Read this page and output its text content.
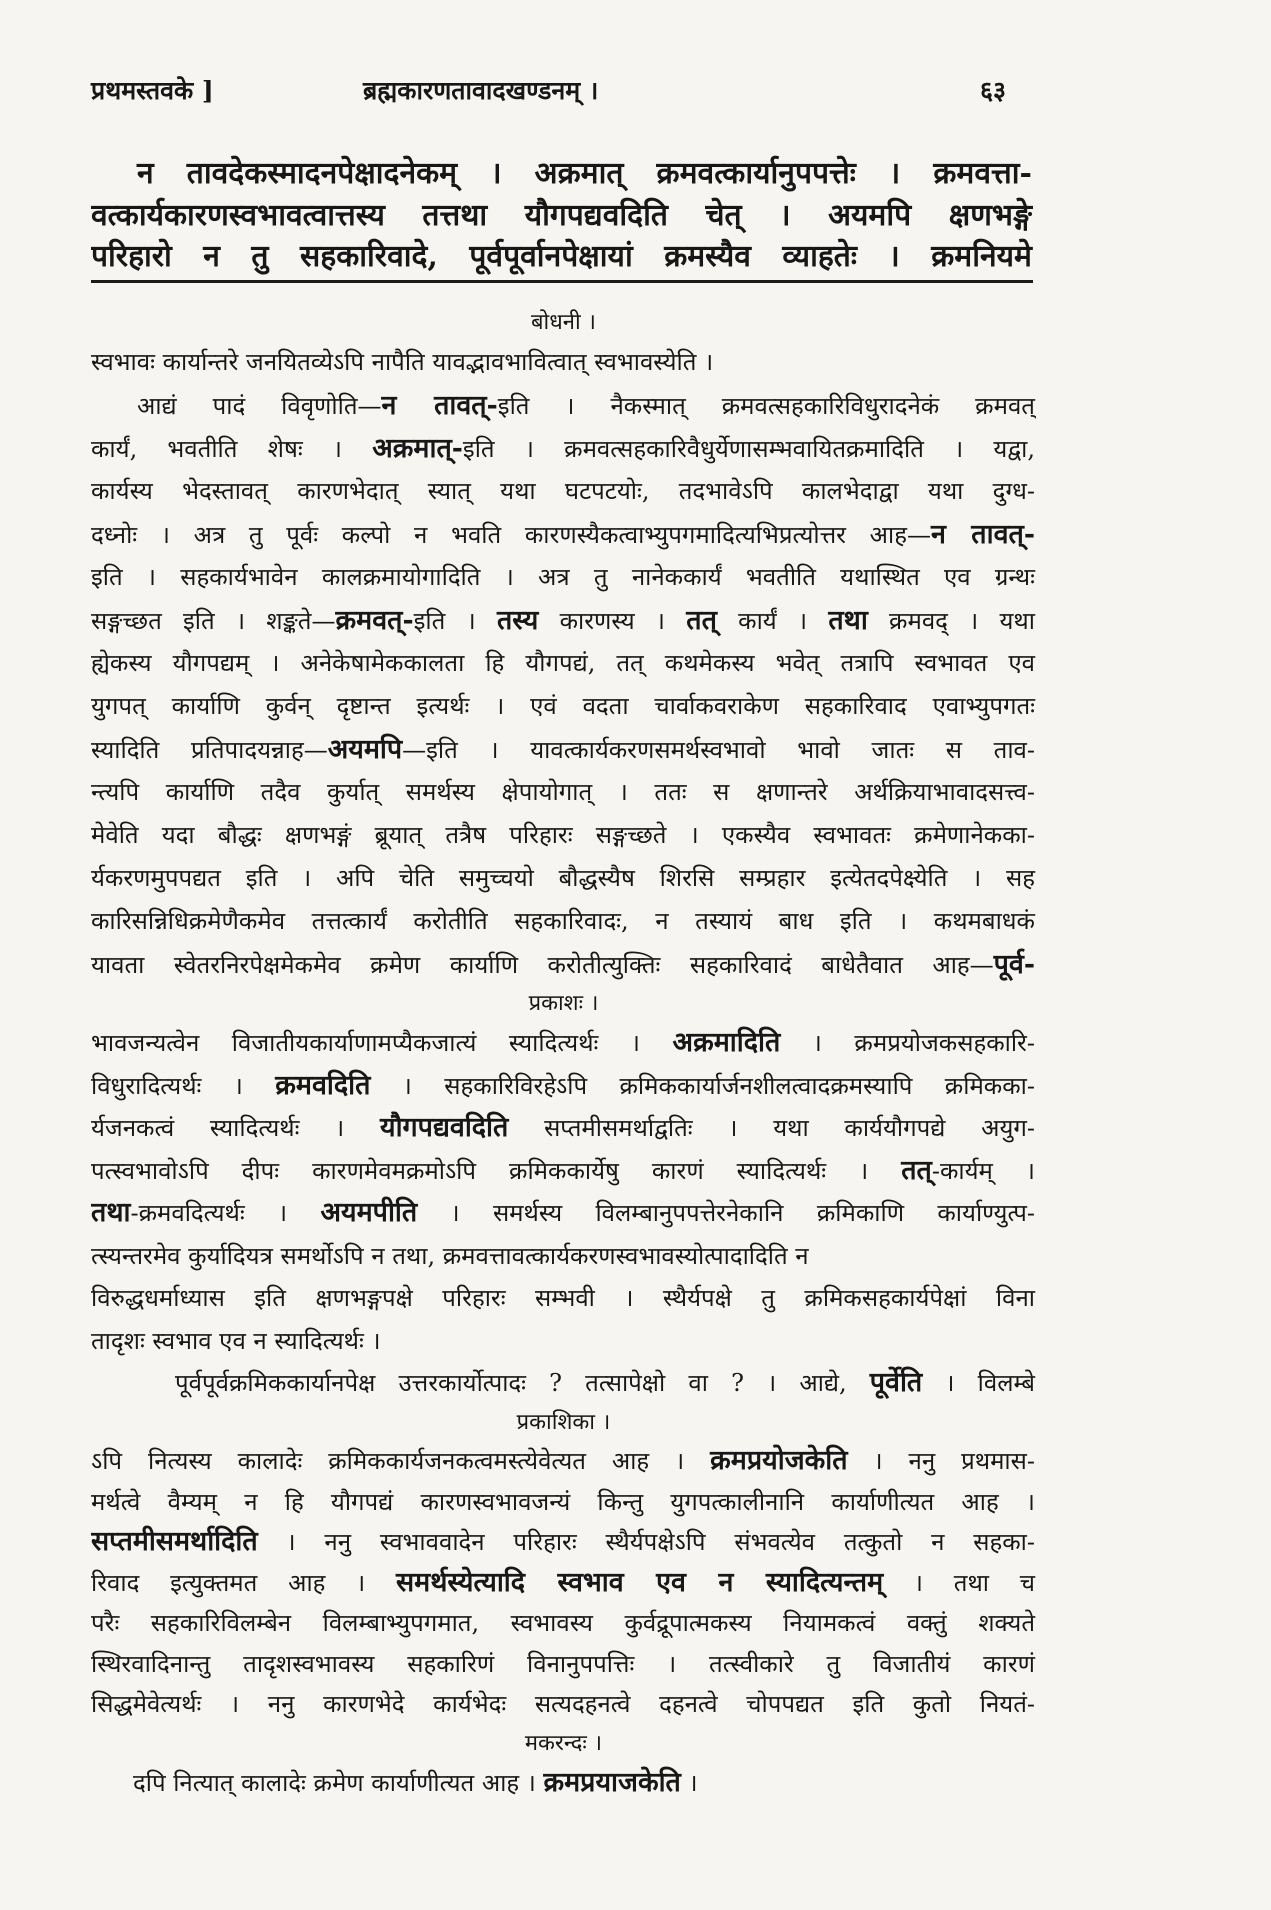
प्रथमस्तवके ]	ब्रह्मकारणतावादखण्डनम् ।	६३
न तावदेकस्मादनपेक्षादनेकम् । अक्रमात् क्रमवत्कार्यानुपपत्तेः । क्रमवत्ता-
वत्कार्यकारणस्वभावत्वात्तस्य तत्तथा यौगपद्यवदिति चेत् । अयमपि क्षणभङ्गे
परिहारो न तु सहकारिवादे, पूर्वपूर्वानपेक्षायां क्रमस्यैव व्याहतेः । क्रमनियमे
बोधनी ।
स्वभावः कार्यान्तरे जनयितव्येऽपि नापैति यावद्भावभावित्वात् स्वभावस्येति ।
आद्यं पादं विवृणोति—न तावत्-इति । नैकस्मात् क्रमवत्सहकारिविधुरादनेकं क्रमवत्
कार्यं, भवतीति शेषः । अक्रमात्-इति । क्रमवत्सहकारिवैधुर्येणासम्भवायितक्रमादिति । यद्वा,
कार्यस्य भेदस्तावत् कारणभेदात् स्यात् यथा घटपटयोः, तदभावेऽपि कालभेदाद्वा यथा दुग्ध-
दध्नोः । अत्र तु पूर्वः कल्पो न भवति कारणस्यैकत्वाभ्युपगमादित्यभिप्रत्योत्तर आह—न तावत्-
इति । सहकार्यभावेन कालक्रमायोगादिति । अत्र तु नानेककार्यं भवतीति यथास्थित एव ग्रन्थः
सङ्गच्छत इति । शङ्कते—क्रमवत्-इति । तस्य कारणस्य । तत् कार्यं । तथा क्रमवद् । यथा
ह्येकस्य यौगपद्यम् । अनेकेषामेककालता हि यौगपद्यं, तत् कथमेकस्य भवेत् तत्रापि स्वभावत एव
युगपत् कार्याणि कुर्वन् दृष्टान्त इत्यर्थः । एवं वदता चार्वाकवराकेण सहकारिवाद एवाभ्युपगतः
स्यादिति प्रतिपादयन्नाह—अयमपि—इति । यावत्कार्यकरणसमर्थस्वभावो भावो जातः स ताव-
न्त्यपि कार्याणि तदैव कुर्यात् समर्थस्य क्षेपायोगात् । ततः स क्षणान्तरे अर्थक्रियाभावादसत्त्व-
मेवेति यदा बौद्धः क्षणभङ्गं ब्रूयात् तत्रैष परिहारः सङ्गच्छते । एकस्यैव स्वभावतः क्रमेणानेकका-
र्यकरणमुपपद्यत इति । अपि चेति समुच्चयो बौद्धस्यैष शिरसि सम्प्रहार इत्येतदपेक्ष्येति । सह
कारिसन्निधिक्रमेणैकमेव तत्तत्कार्यं करोतीति सहकारिवादः, न तस्यायं बाध इति । कथमबाधकं
यावता स्वेतरनिरपेक्षमेकमेव क्रमेण कार्याणि करोतीत्युक्तिः सहकारिवादं बाधेतैवात आह—पूर्व-
प्रकाशः ।
भावजन्यत्वेन विजातीयकार्याणामप्यैकजात्यं स्यादित्यर्थः । अक्रमादिति । क्रमप्रयोजकसहकारि-
विधुरादित्यर्थः । क्रमवदिति । सहकारिविरहेऽपि क्रमिककार्यार्जनशीलत्वादक्रमस्यापि क्रमिकका-
र्यजनकत्वं स्यादित्यर्थः । यौगपद्यवदिति सप्तमीसमर्थाद्वतिः । यथा कार्ययौगपद्ये अयुग-
पत्स्वभावोऽपि दीपः कारणमेवमक्रमोऽपि क्रमिककार्येषु कारणं स्यादित्यर्थः । तत्-कार्यम् ।
तथा-क्रमवदित्यर्थः । अयमपीति । समर्थस्य विलम्बानुपपत्तेरनेकानि क्रमिकाणि कार्याण्युत्प-
त्स्यन्तरमेव कुर्यादियत्र समर्थोऽपि न तथा, क्रमवत्तावत्कार्यकरणस्वभावस्योत्पादादिति न
विरुद्धधर्माध्यास इति क्षणभङ्गपक्षे परिहारः सम्भवी । स्थैर्यपक्षे तु क्रमिकसहकार्यपेक्षां विना
तादृशः स्वभाव एव न स्यादित्यर्थः ।
पूर्वपूर्वक्रमिककार्यानपेक्ष उत्तरकार्योत्पादः ? तत्सापेक्षो वा ? । आद्ये, पूर्वेति । विलम्बे
प्रकाशिका ।
ऽपि नित्यस्य कालादेः क्रमिककार्यजनकत्वमस्त्येवेत्यत आह । क्रमप्रयोजकेति । ननु प्रथमास-
मर्थत्वे वैम्यम् न हि यौगपद्यं कारणस्वभावजन्यं किन्तु युगपत्कालीनानि कार्याणीत्यत आह ।
सप्तमीसमर्थादिति । ननु स्वभाववादेन परिहारः स्थैर्यपक्षेऽपि संभवत्येव तत्कुतो न सहका-
रिवाद इत्युक्तमत आह । समर्थस्येत्यादि स्वभाव एव न स्यादित्यन्तम् । तथा च
परैः सहकारिविलम्बेन विलम्बाभ्युपगमात, स्वभावस्य कुर्वद्रूपात्मकस्य नियामकत्वं वक्तुं शक्यते
स्थिरवादिनान्तु तादृशस्वभावस्य सहकारिणं विनानुपपत्तिः । तत्स्वीकारे तु विजातीयं कारणं
सिद्धमेवेत्यर्थः । ननु कारणभेदे कार्यभेदः सत्यदहनत्वे दहनत्वे चोपपद्यत इति कुतो नियतं-
मकरन्दः ।
दपि नित्यात् कालादेः क्रमेण कार्याणीत्यत आह । क्रमप्रयाजकेति ।
